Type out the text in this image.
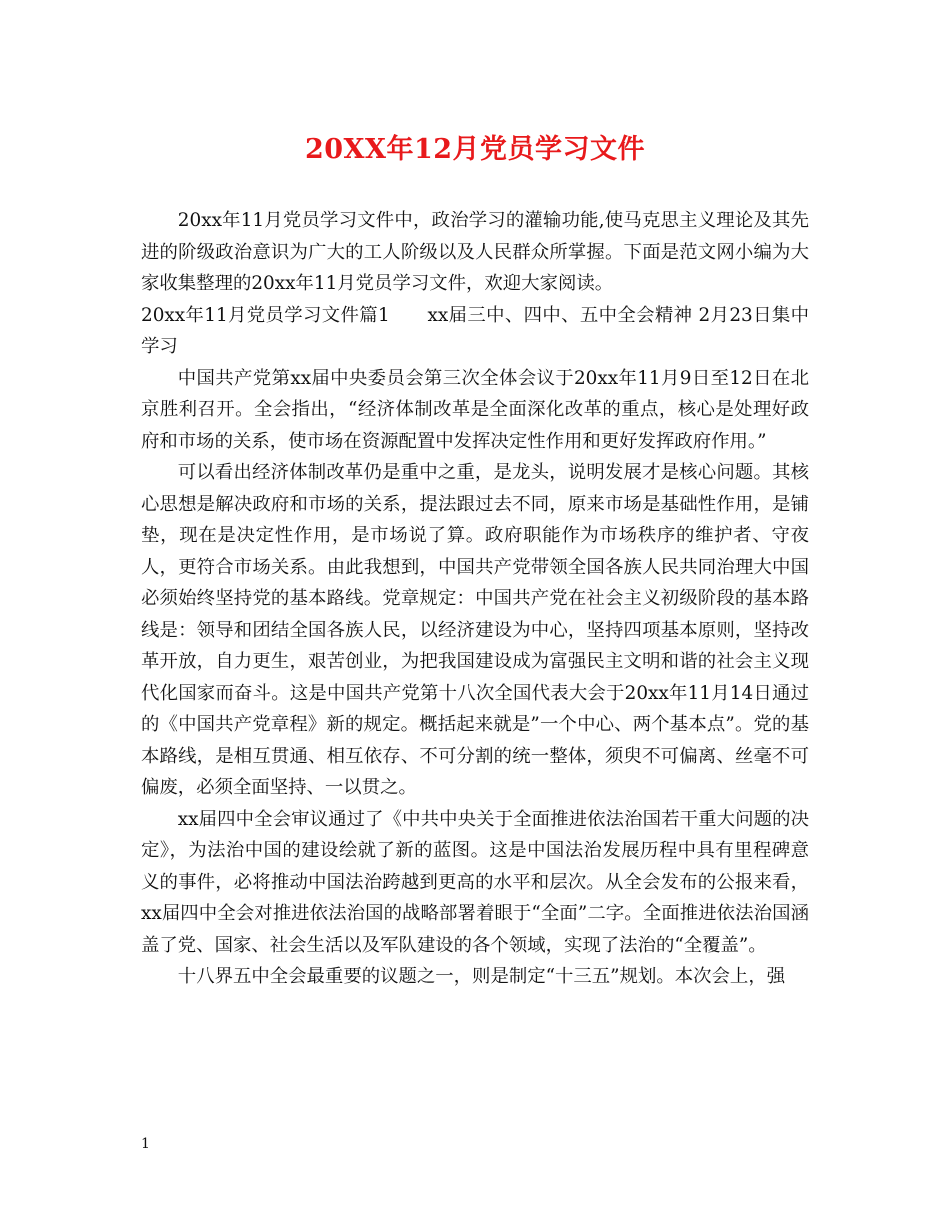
20XX年12月党员学习文件

20xx年11月党员学习文件中，政治学习的灌输功能,使马克思主义理论及其先进的阶级政治意识为广大的工人阶级以及人民群众所掌握。下面是范文网小编为大家收集整理的20xx年11月党员学习文件，欢迎大家阅读。

20xx年11月党员学习文件篇1　　xx届三中、四中、五中全会精神 2月23日集中学习

中国共产党第xx届中央委员会第三次全体会议于20xx年11月9日至12日在北京胜利召开。全会指出，“经济体制改革是全面深化改革的重点，核心是处理好政府和市场的关系，使市场在资源配置中发挥决定性作用和更好发挥政府作用。”

可以看出经济体制改革仍是重中之重，是龙头，说明发展才是核心问题。其核心思想是解决政府和市场的关系，提法跟过去不同，原来市场是基础性作用，是铺垫，现在是决定性作用，是市场说了算。政府职能作为市场秩序的维护者、守夜人，更符合市场关系。由此我想到，中国共产党带领全国各族人民共同治理大中国必须始终坚持党的基本路线。党章规定：中国共产党在社会主义初级阶段的基本路线是：领导和团结全国各族人民，以经济建设为中心，坚持四项基本原则，坚持改革开放，自力更生，艰苦创业，为把我国建设成为富强民主文明和谐的社会主义现代化国家而奋斗。这是中国共产党第十八次全国代表大会于20xx年11月14日通过的《中国共产党章程》新的规定。概括起来就是”一个中心、两个基本点”。党的基本路线，是相互贯通、相互依存、不可分割的统一整体，须臾不可偏离、丝毫不可偏废，必须全面坚持、一以贯之。

xx届四中全会审议通过了《中共中央关于全面推进依法治国若干重大问题的决定》，为法治中国的建设绘就了新的蓝图。这是中国法治发展历程中具有里程碑意义的事件，必将推动中国法治跨越到更高的水平和层次。从全会发布的公报来看，xx届四中全会对推进依法治国的战略部署着眼于“全面”二字。全面推进依法治国涵盖了党、国家、社会生活以及军队建设的各个领域，实现了法治的“全覆盖”。

十八界五中全会最重要的议题之一，则是制定“十三五”规划。本次会上，强

1
